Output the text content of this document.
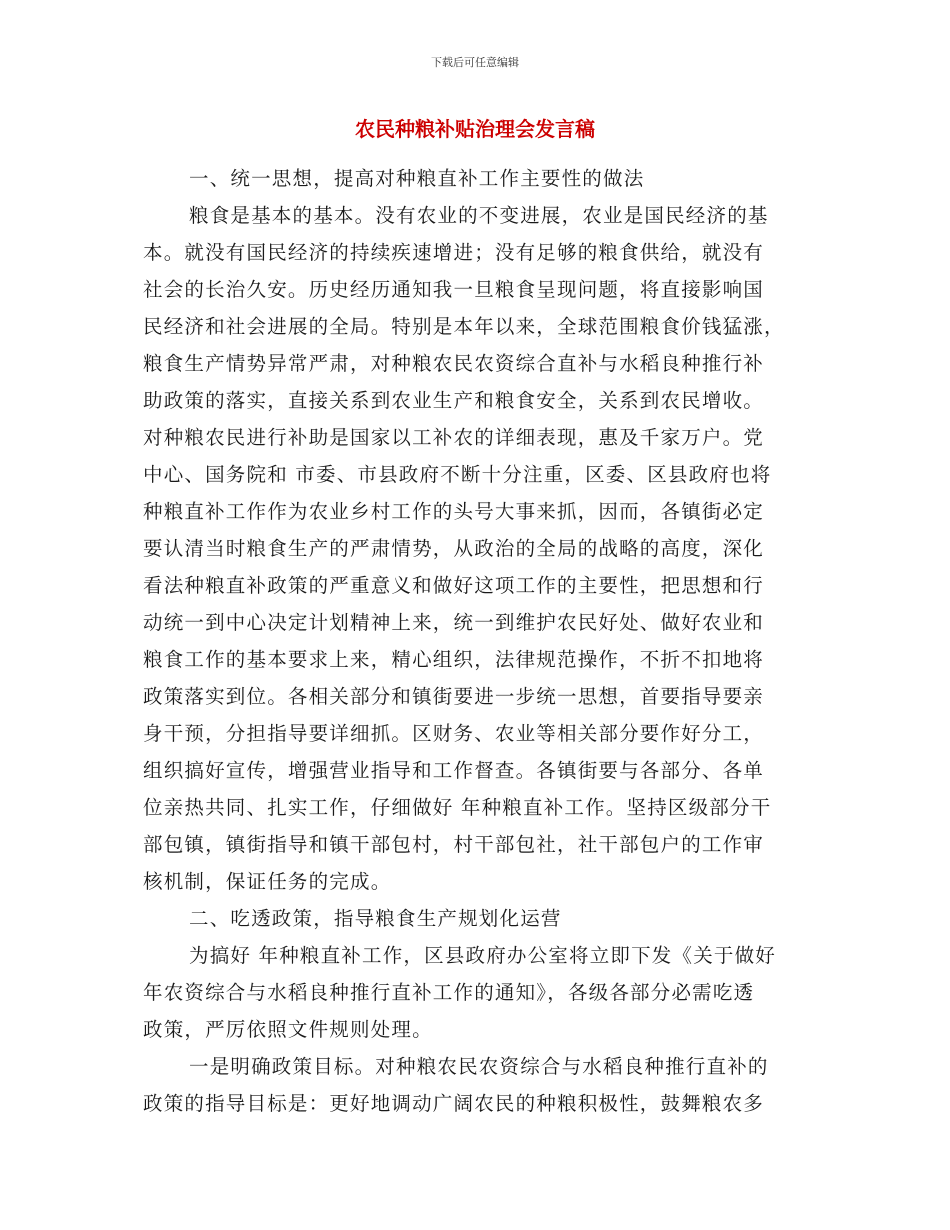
下载后可任意编辑
农民种粮补贴治理会发言稿
一、统一思想，提高对种粮直补工作主要性的做法
粮食是基本的基本。没有农业的不变进展，农业是国民经济的基
本。就没有国民经济的持续疾速增进；没有足够的粮食供给，就没有
社会的长治久安。历史经历通知我一旦粮食呈现问题，将直接影响国
民经济和社会进展的全局。特别是本年以来，全球范围粮食价钱猛涨，
粮食生产情势异常严肃，对种粮农民农资综合直补与水稻良种推行补
助政策的落实，直接关系到农业生产和粮食安全，关系到农民增收。
对种粮农民进行补助是国家以工补农的详细表现，惠及千家万户。党
中心、国务院和 市委、市县政府不断十分注重，区委、区县政府也将
种粮直补工作作为农业乡村工作的头号大事来抓，因而，各镇街必定
要认清当时粮食生产的严肃情势，从政治的全局的战略的高度，深化
看法种粮直补政策的严重意义和做好这项工作的主要性，把思想和行
动统一到中心决定计划精神上来，统一到维护农民好处、做好农业和
粮食工作的基本要求上来，精心组织，法律规范操作，不折不扣地将
政策落实到位。各相关部分和镇街要进一步统一思想，首要指导要亲
身干预，分担指导要详细抓。区财务、农业等相关部分要作好分工，
组织搞好宣传，增强营业指导和工作督查。各镇街要与各部分、各单
位亲热共同、扎实工作，仔细做好 年种粮直补工作。坚持区级部分干
部包镇，镇街指导和镇干部包村，村干部包社，社干部包户的工作审
核机制，保证任务的完成。
二、吃透政策，指导粮食生产规划化运营
为搞好 年种粮直补工作，区县政府办公室将立即下发《关于做好
年农资综合与水稻良种推行直补工作的通知》，各级各部分必需吃透
政策，严厉依照文件规则处理。
一是明确政策目标。对种粮农民农资综合与水稻良种推行直补的
政策的指导目标是：更好地调动广阔农民的种粮积极性，鼓舞粮农多
